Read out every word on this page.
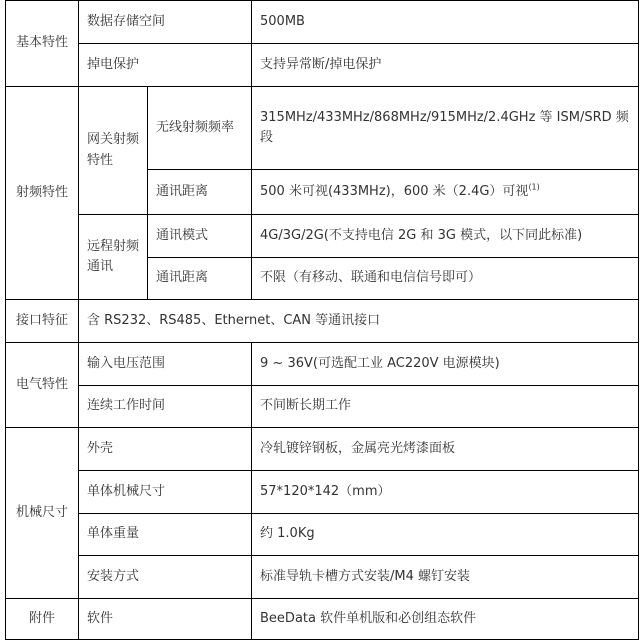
基本特性	数据存储空间		500MB
	掉电保护		支持异常断/掉电保护
射频特性	网关射频特性	无线射频频率	315MHz/433MHz/868MHz/915MHz/2.4GHz 等 ISM/SRD 频段
		通讯距离	500 米可视(433MHz)，600 米（2.4G）可视$^{(1)}$
	远程射频通讯	通讯模式	4G/3G/2G(不支持电信 2G 和 3G 模式，以下同此标准)
		通讯距离	不限（有移动、联通和电信信号即可）
接口特征	含 RS232、RS485、Ethernet、CAN 等通讯接口		
电气特性	输入电压范围		9 ~ 36V(可选配工业 AC220V 电源模块)
	连续工作时间		不间断长期工作
机械尺寸	外壳		冷轧镀锌钢板，金属亮光烤漆面板
	单体机械尺寸		57*120*142（mm）
	单体重量		约 1.0Kg
	安装方式		标准导轨卡槽方式安装/M4 螺钉安装
附件	软件		BeeData 软件单机版和必创组态软件
